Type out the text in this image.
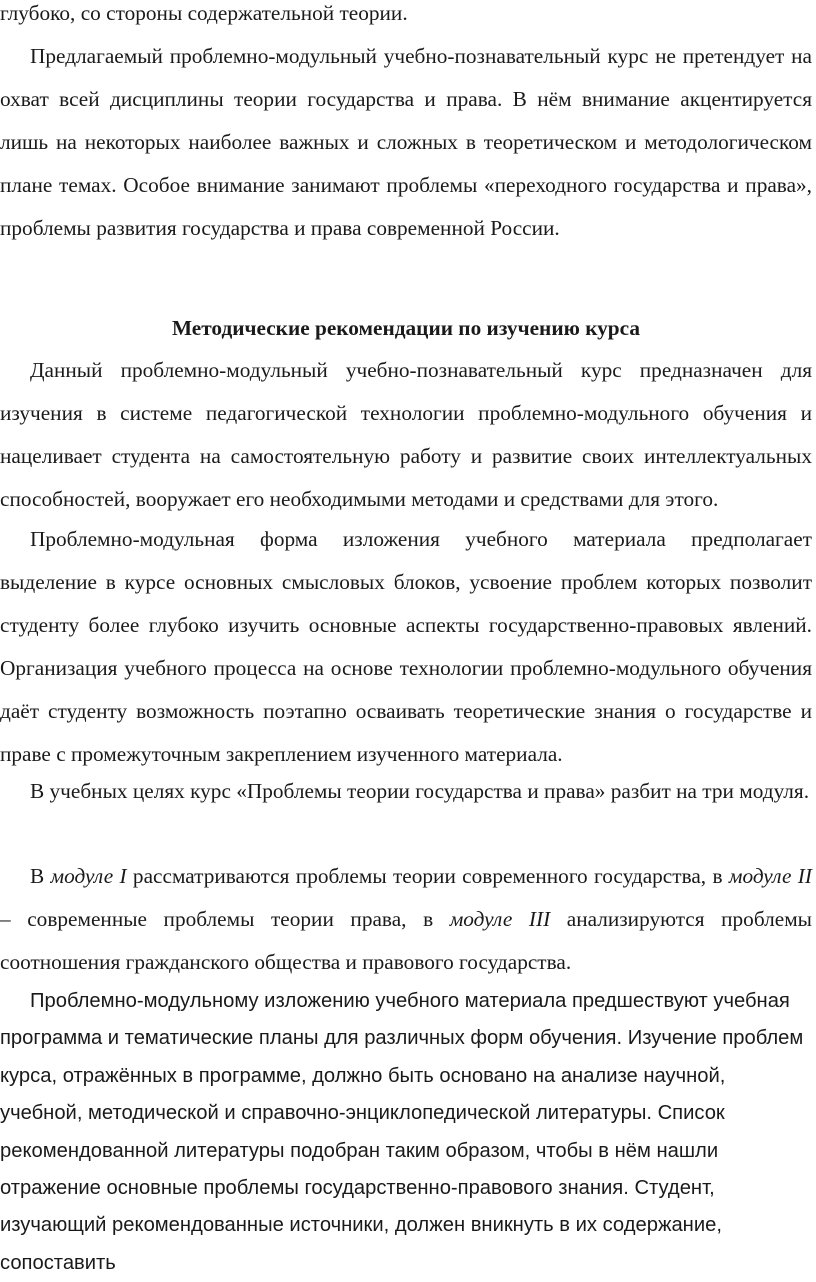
глубоко, со стороны содержательной теории.

Предлагаемый проблемно-модульный учебно-познавательный курс не претендует на охват всей дисциплины теории государства и права. В нём внимание акцентируется лишь на некоторых наиболее важных и сложных в теоретическом и методологическом плане темах. Особое внимание занимают проблемы «переходного государства и права», проблемы развития государства и права современной России.

Методические рекомендации по изучению курса

Данный проблемно-модульный учебно-познавательный курс предназначен для изучения в системе педагогической технологии проблемно-модульного обучения и нацеливает студента на самостоятельную работу и развитие своих интеллектуальных способностей, вооружает его необходимыми методами и средствами для этого.

Проблемно-модульная форма изложения учебного материала предполагает выделение в курсе основных смысловых блоков, усвоение проблем которых позволит студенту более глубоко изучить основные аспекты государственно-правовых явлений. Организация учебного процесса на основе технологии проблемно-модульного обучения даёт студенту возможность поэтапно осваивать теоретические знания о государстве и праве с промежуточным закреплением изученного материала.

В учебных целях курс «Проблемы теории государства и права» разбит на три модуля.

В модуле I рассматриваются проблемы теории современного государства, в модуле II – современные проблемы теории права, в модуле III анализируются проблемы соотношения гражданского общества и правового государства.

Проблемно-модульному изложению учебного материала предшествуют учебная программа и тематические планы для различных форм обучения. Изучение проблем курса, отражённых в программе, должно быть основано на анализе научной, учебной, методической и справочно-энциклопедической литературы. Список рекомендованной литературы подобран таким образом, чтобы в нём нашли отражение основные проблемы государственно-правового знания. Студент, изучающий рекомендованные источники, должен вникнуть в их содержание, сопоставить
